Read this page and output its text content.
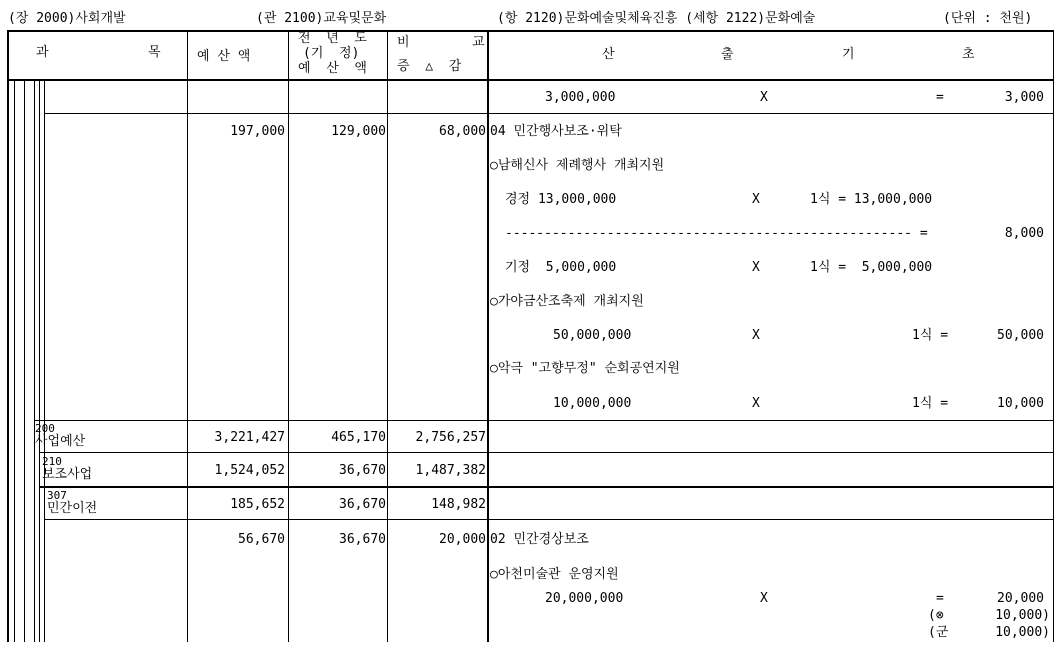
(장 2000)사회개발	(관 2100)교육및문화	(항 2120)문화예술및체육진흥 (세항 2122)문화예술	(단위 : 천원)
과	목	예 산 액
전  년  도
(기  정)
예  산  액
비        교
증  △  감
산	출	기	초
3,000,000	X	=	3,000
197,000	129,000	68,000 04 민간행사보조·위탁
○남해신사 제례행사 개최지원
경정 13,000,000	X	1식 = 13,000,000
---------------------------------------------------- =	8,000
기정  5,000,000	X	1식 =  5,000,000
○가야금산조축제 개최지원
50,000,000	X	1식 =	50,000
○악극 "고향무정" 순회공연지원
10,000,000	X	1식 =	10,000
200
사업예산	3,221,427	465,170	2,756,257
210
보조사업	1,524,052	36,670	1,487,382
307
민간이전	185,652	36,670	148,982
56,670	36,670	20,000 02 민간경상보조
○아천미술관 운영지원
20,000,000	X	=	20,000
(⊗	10,000)
(군	10,000)
